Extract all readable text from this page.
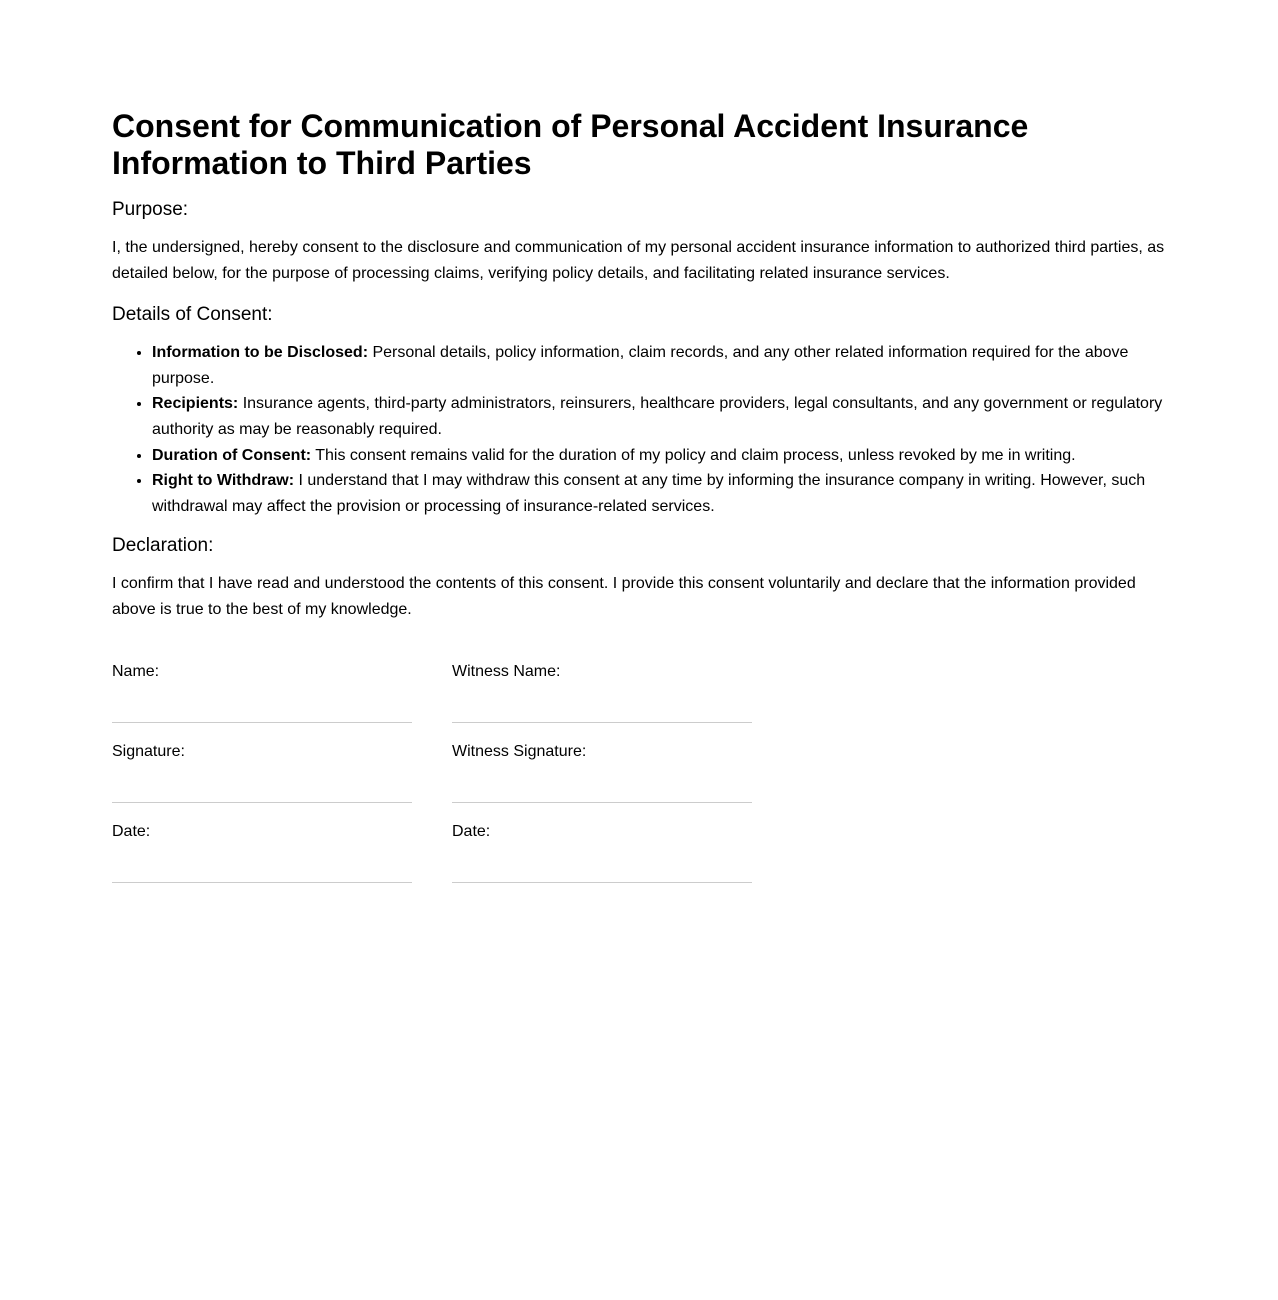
Consent for Communication of Personal Accident Insurance Information to Third Parties
Purpose:

I, the undersigned, hereby consent to the disclosure and communication of my personal accident insurance information to authorized third parties, as detailed below, for the purpose of processing claims, verifying policy details, and facilitating related insurance services.

Details of Consent:
• Information to be Disclosed: Personal details, policy information, claim records, and any other related information required for the above purpose.
• Recipients: Insurance agents, third-party administrators, reinsurers, healthcare providers, legal consultants, and any government or regulatory authority as may be reasonably required.
• Duration of Consent: This consent remains valid for the duration of my policy and claim process, unless revoked by me in writing.
• Right to Withdraw: I understand that I may withdraw this consent at any time by informing the insurance company in writing. However, such withdrawal may affect the provision or processing of insurance-related services.
Declaration:

I confirm that I have read and understood the contents of this consent. I provide this consent voluntarily and declare that the information provided above is true to the best of my knowledge.

Name:	Witness Name:
Signature:	Witness Signature:
Date:	Date:
